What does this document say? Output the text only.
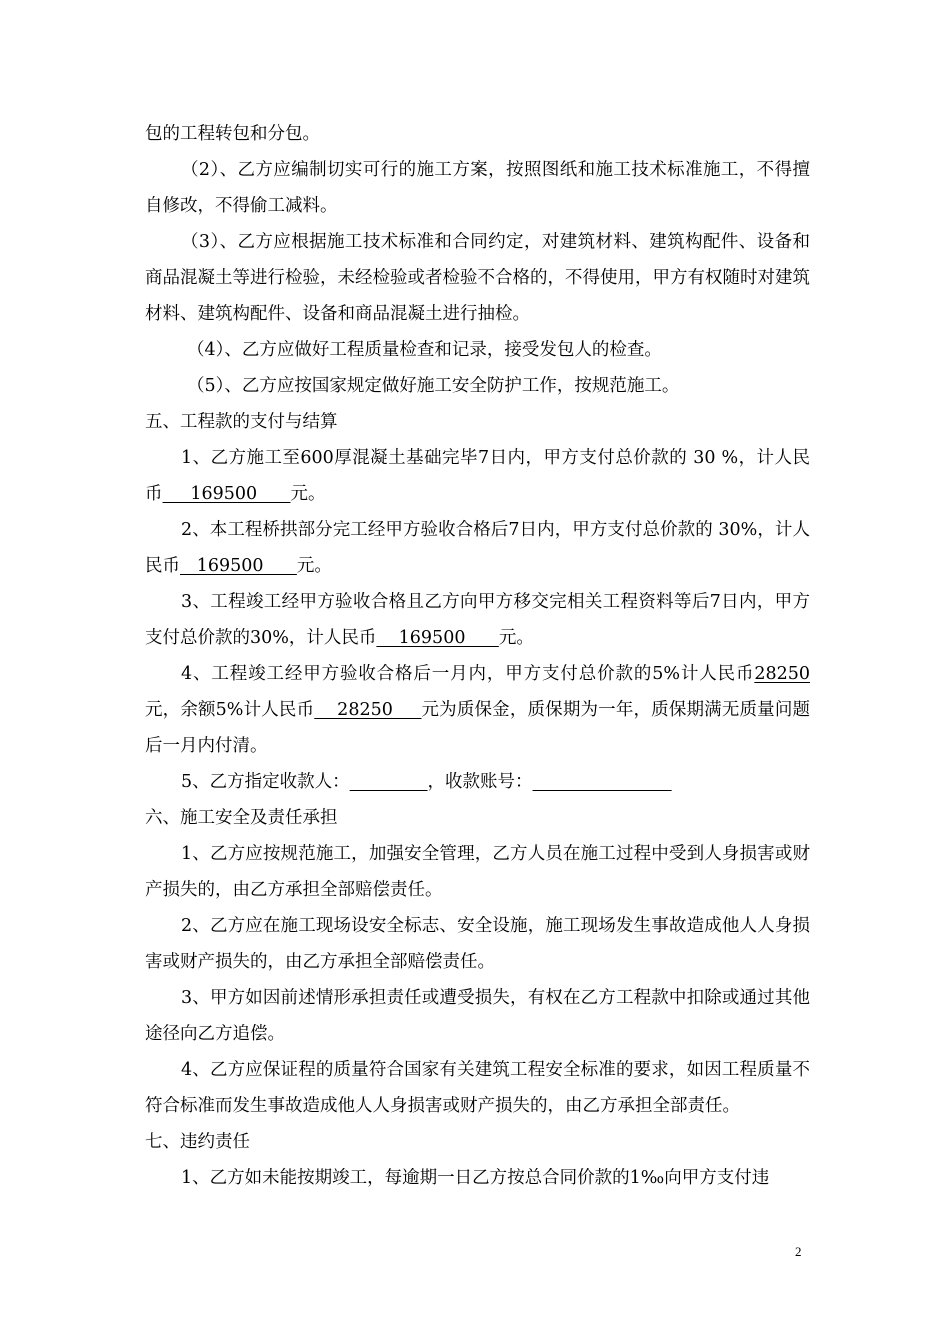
包的工程转包和分包。

（2）、乙方应编制切实可行的施工方案，按照图纸和施工技术标准施工，不得擅自修改，不得偷工减料。

（3）、乙方应根据施工技术标准和合同约定，对建筑材料、建筑构配件、设备和商品混凝土等进行检验，未经检验或者检验不合格的，不得使用，甲方有权随时对建筑材料、建筑构配件、设备和商品混凝土进行抽检。

（4）、乙方应做好工程质量检查和记录，接受发包人的检查。

（5）、乙方应按国家规定做好施工安全防护工作，按规范施工。

五、工程款的支付与结算

1、乙方施工至600厚混凝土基础完毕7日内，甲方支付总价款的 30 %，计人民币     169500      元。

2、本工程桥拱部分完工经甲方验收合格后7日内，甲方支付总价款的 30%，计人民币   169500      元。

3、工程竣工经甲方验收合格且乙方向甲方移交完相关工程资料等后7日内，甲方支付总价款的30%，计人民币    169500      元。

4、工程竣工经甲方验收合格后一月内，甲方支付总价款的5%计人民币28250元，余额5%计人民币    28250     元为质保金，质保期为一年，质保期满无质量问题后一月内付清。

5、乙方指定收款人：	，收款账号：

六、施工安全及责任承担

1、乙方应按规范施工，加强安全管理，乙方人员在施工过程中受到人身损害或财产损失的，由乙方承担全部赔偿责任。

2、乙方应在施工现场设安全标志、安全设施，施工现场发生事故造成他人人身损害或财产损失的，由乙方承担全部赔偿责任。

3、甲方如因前述情形承担责任或遭受损失，有权在乙方工程款中扣除或通过其他途径向乙方追偿。

4、乙方应保证程的质量符合国家有关建筑工程安全标准的要求，如因工程质量不符合标准而发生事故造成他人人身损害或财产损失的，由乙方承担全部责任。

七、违约责任

1、乙方如未能按期竣工，每逾期一日乙方按总合同价款的1‰向甲方支付违

2
